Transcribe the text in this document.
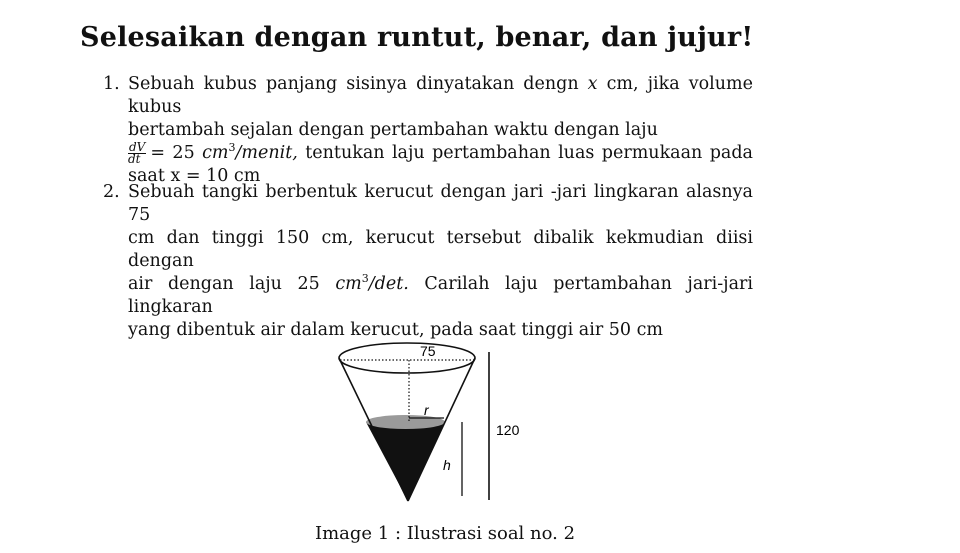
Selesaikan dengan runtut, benar, dan jujur!
1. Sebuah kubus panjang sisinya dinyatakan dengn x cm, jika volume kubus
bertambah sejalan dengan pertambahan waktu dengan laju
$\frac{dV}{dt} = 25$ $cm^3$/menit, tentukan laju pertambahan luas permukaan pada
saat x = 10 cm
2. Sebuah tangki berbentuk kerucut dengan jari -jari lingkaran alasnya 75
cm dan tinggi 150 cm, kerucut tersebut dibalik kekmudian diisi dengan
air dengan laju 25 $cm^3/\det$. Carilah laju pertambahan jari-jari lingkaran
yang dibentuk air dalam kerucut, pada saat tinggi air 50 cm
75
r
h
120
Image 1 : Ilustrasi soal no. 2
